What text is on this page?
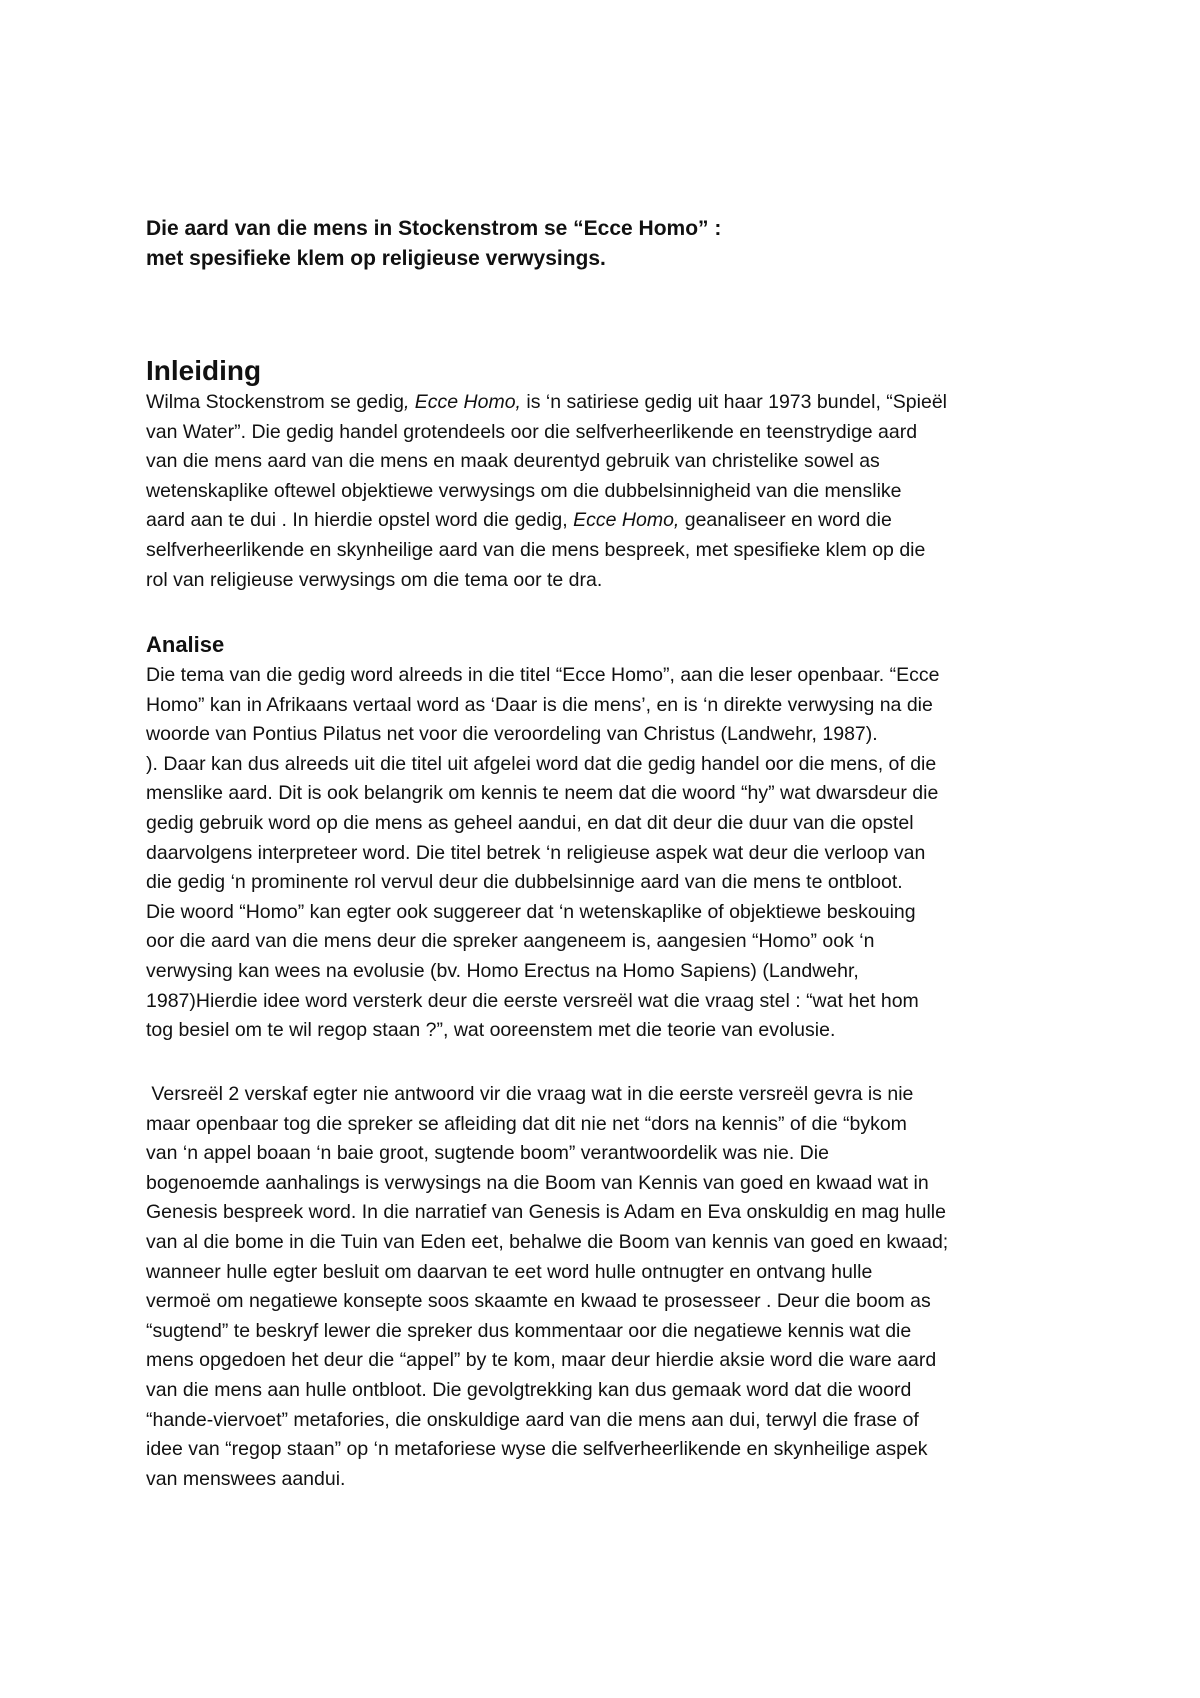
Die aard van die mens in Stockenstrom se “Ecce Homo” :
met spesifieke klem op religieuse verwysings.
Inleiding

Wilma Stockenstrom se gedig, Ecce Homo, is ‘n satiriese gedig uit haar 1973 bundel, “Spieël
van Water”. Die gedig handel grotendeels oor die selfverheerlikende en teenstrydige aard
van die mens aard van die mens en maak deurentyd gebruik van christelike sowel as
wetenskaplike oftewel objektiewe verwysings om die dubbelsinnigheid van die menslike
aard aan te dui . In hierdie opstel word die gedig, Ecce Homo, geanaliseer en word die
selfverheerlikende en skynheilige aard van die mens bespreek, met spesifieke klem op die
rol van religieuse verwysings om die tema oor te dra.

Analise

Die tema van die gedig word alreeds in die titel “Ecce Homo”, aan die leser openbaar. “Ecce
Homo” kan in Afrikaans vertaal word as ‘Daar is die mens’, en is ‘n direkte verwysing na die
woorde van Pontius Pilatus net voor die veroordeling van Christus (Landwehr, 1987).
). Daar kan dus alreeds uit die titel uit afgelei word dat die gedig handel oor die mens, of die
menslike aard. Dit is ook belangrik om kennis te neem dat die woord “hy” wat dwarsdeur die
gedig gebruik word op die mens as geheel aandui, en dat dit deur die duur van die opstel
daarvolgens interpreteer word. Die titel betrek ‘n religieuse aspek wat deur die verloop van
die gedig ‘n prominente rol vervul deur die dubbelsinnige aard van die mens te ontbloot.
Die woord “Homo” kan egter ook suggereer dat ‘n wetenskaplike of objektiewe beskouing
oor die aard van die mens deur die spreker aangeneem is, aangesien “Homo” ook ‘n
verwysing kan wees na evolusie (bv. Homo Erectus na Homo Sapiens) (Landwehr,
1987)Hierdie idee word versterk deur die eerste versreël wat die vraag stel : “wat het hom
tog besiel om te wil regop staan ?”, wat ooreenstem met die teorie van evolusie.

Versreël 2 verskaf egter nie antwoord vir die vraag wat in die eerste versreël gevra is nie
maar openbaar tog die spreker se afleiding dat dit nie net “dors na kennis” of die “bykom
van ‘n appel boaan ‘n baie groot, sugtende boom” verantwoordelik was nie. Die
bogenoemde aanhalings is verwysings na die Boom van Kennis van goed en kwaad wat in
Genesis bespreek word. In die narratief van Genesis is Adam en Eva onskuldig en mag hulle
van al die bome in die Tuin van Eden eet, behalwe die Boom van kennis van goed en kwaad;
wanneer hulle egter besluit om daarvan te eet word hulle ontnugter en ontvang hulle
vermoë om negatiewe konsepte soos skaamte en kwaad te prosesseer . Deur die boom as
“sugtend” te beskryf lewer die spreker dus kommentaar oor die negatiewe kennis wat die
mens opgedoen het deur die “appel” by te kom, maar deur hierdie aksie word die ware aard
van die mens aan hulle ontbloot. Die gevolgtrekking kan dus gemaak word dat die woord
“hande-viervoet” metafories, die onskuldige aard van die mens aan dui, terwyl die frase of
idee van “regop staan” op ‘n metaforiese wyse die selfverheerlikende en skynheilige aspek
van menswees aandui.
